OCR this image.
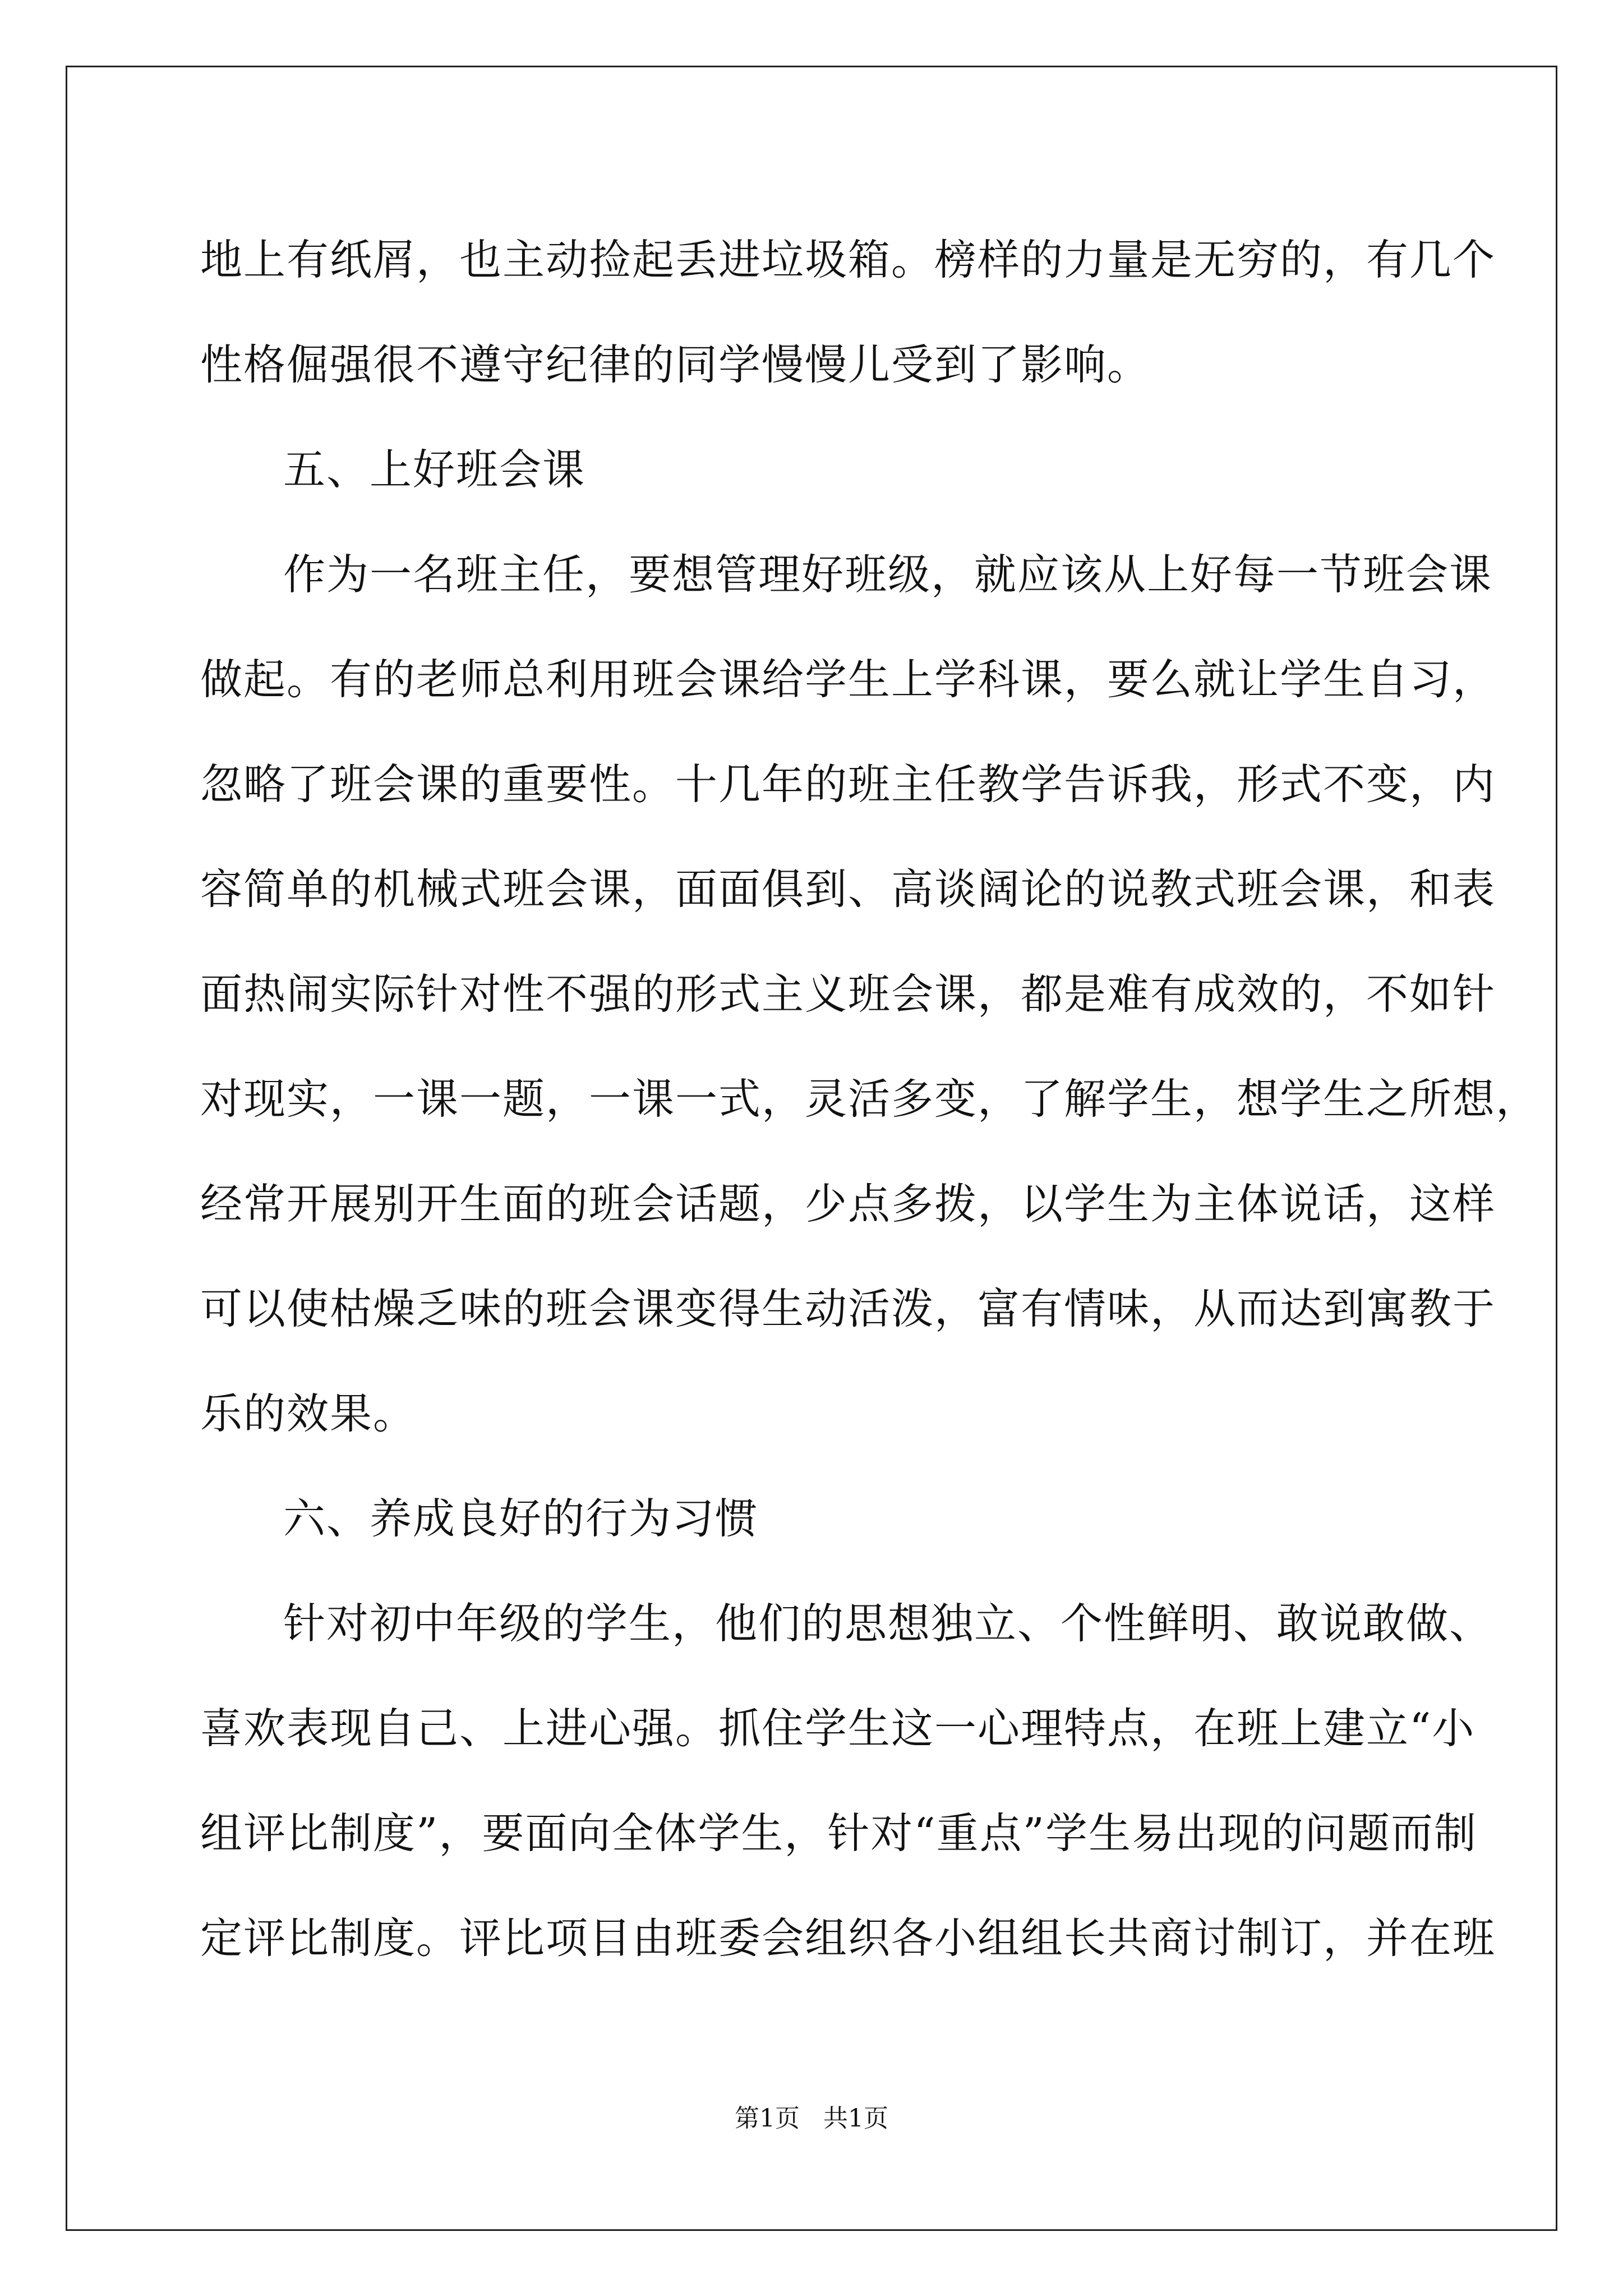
地上有纸屑，也主动捡起丢进垃圾箱。榜样的力量是无穷的，有几个
性格倔强很不遵守纪律的同学慢慢儿受到了影响。
五、上好班会课
作为一名班主任，要想管理好班级，就应该从上好每一节班会课
做起。有的老师总利用班会课给学生上学科课，要么就让学生自习，
忽略了班会课的重要性。十几年的班主任教学告诉我，形式不变，内
容简单的机械式班会课，面面俱到、高谈阔论的说教式班会课，和表
面热闹实际针对性不强的形式主义班会课，都是难有成效的，不如针
对现实，一课一题，一课一式，灵活多变，了解学生，想学生之所想，
经常开展别开生面的班会话题，少点多拨，以学生为主体说话，这样
可以使枯燥乏味的班会课变得生动活泼，富有情味，从而达到寓教于
乐的效果。
六、养成良好的行为习惯
针对初中年级的学生，他们的思想独立、个性鲜明、敢说敢做、
喜欢表现自己、上进心强。抓住学生这一心理特点，在班上建立“小
组评比制度”，要面向全体学生，针对“重点”学生易出现的问题而制
定评比制度。评比项目由班委会组织各小组组长共商讨制订，并在班
第1页 共1页
